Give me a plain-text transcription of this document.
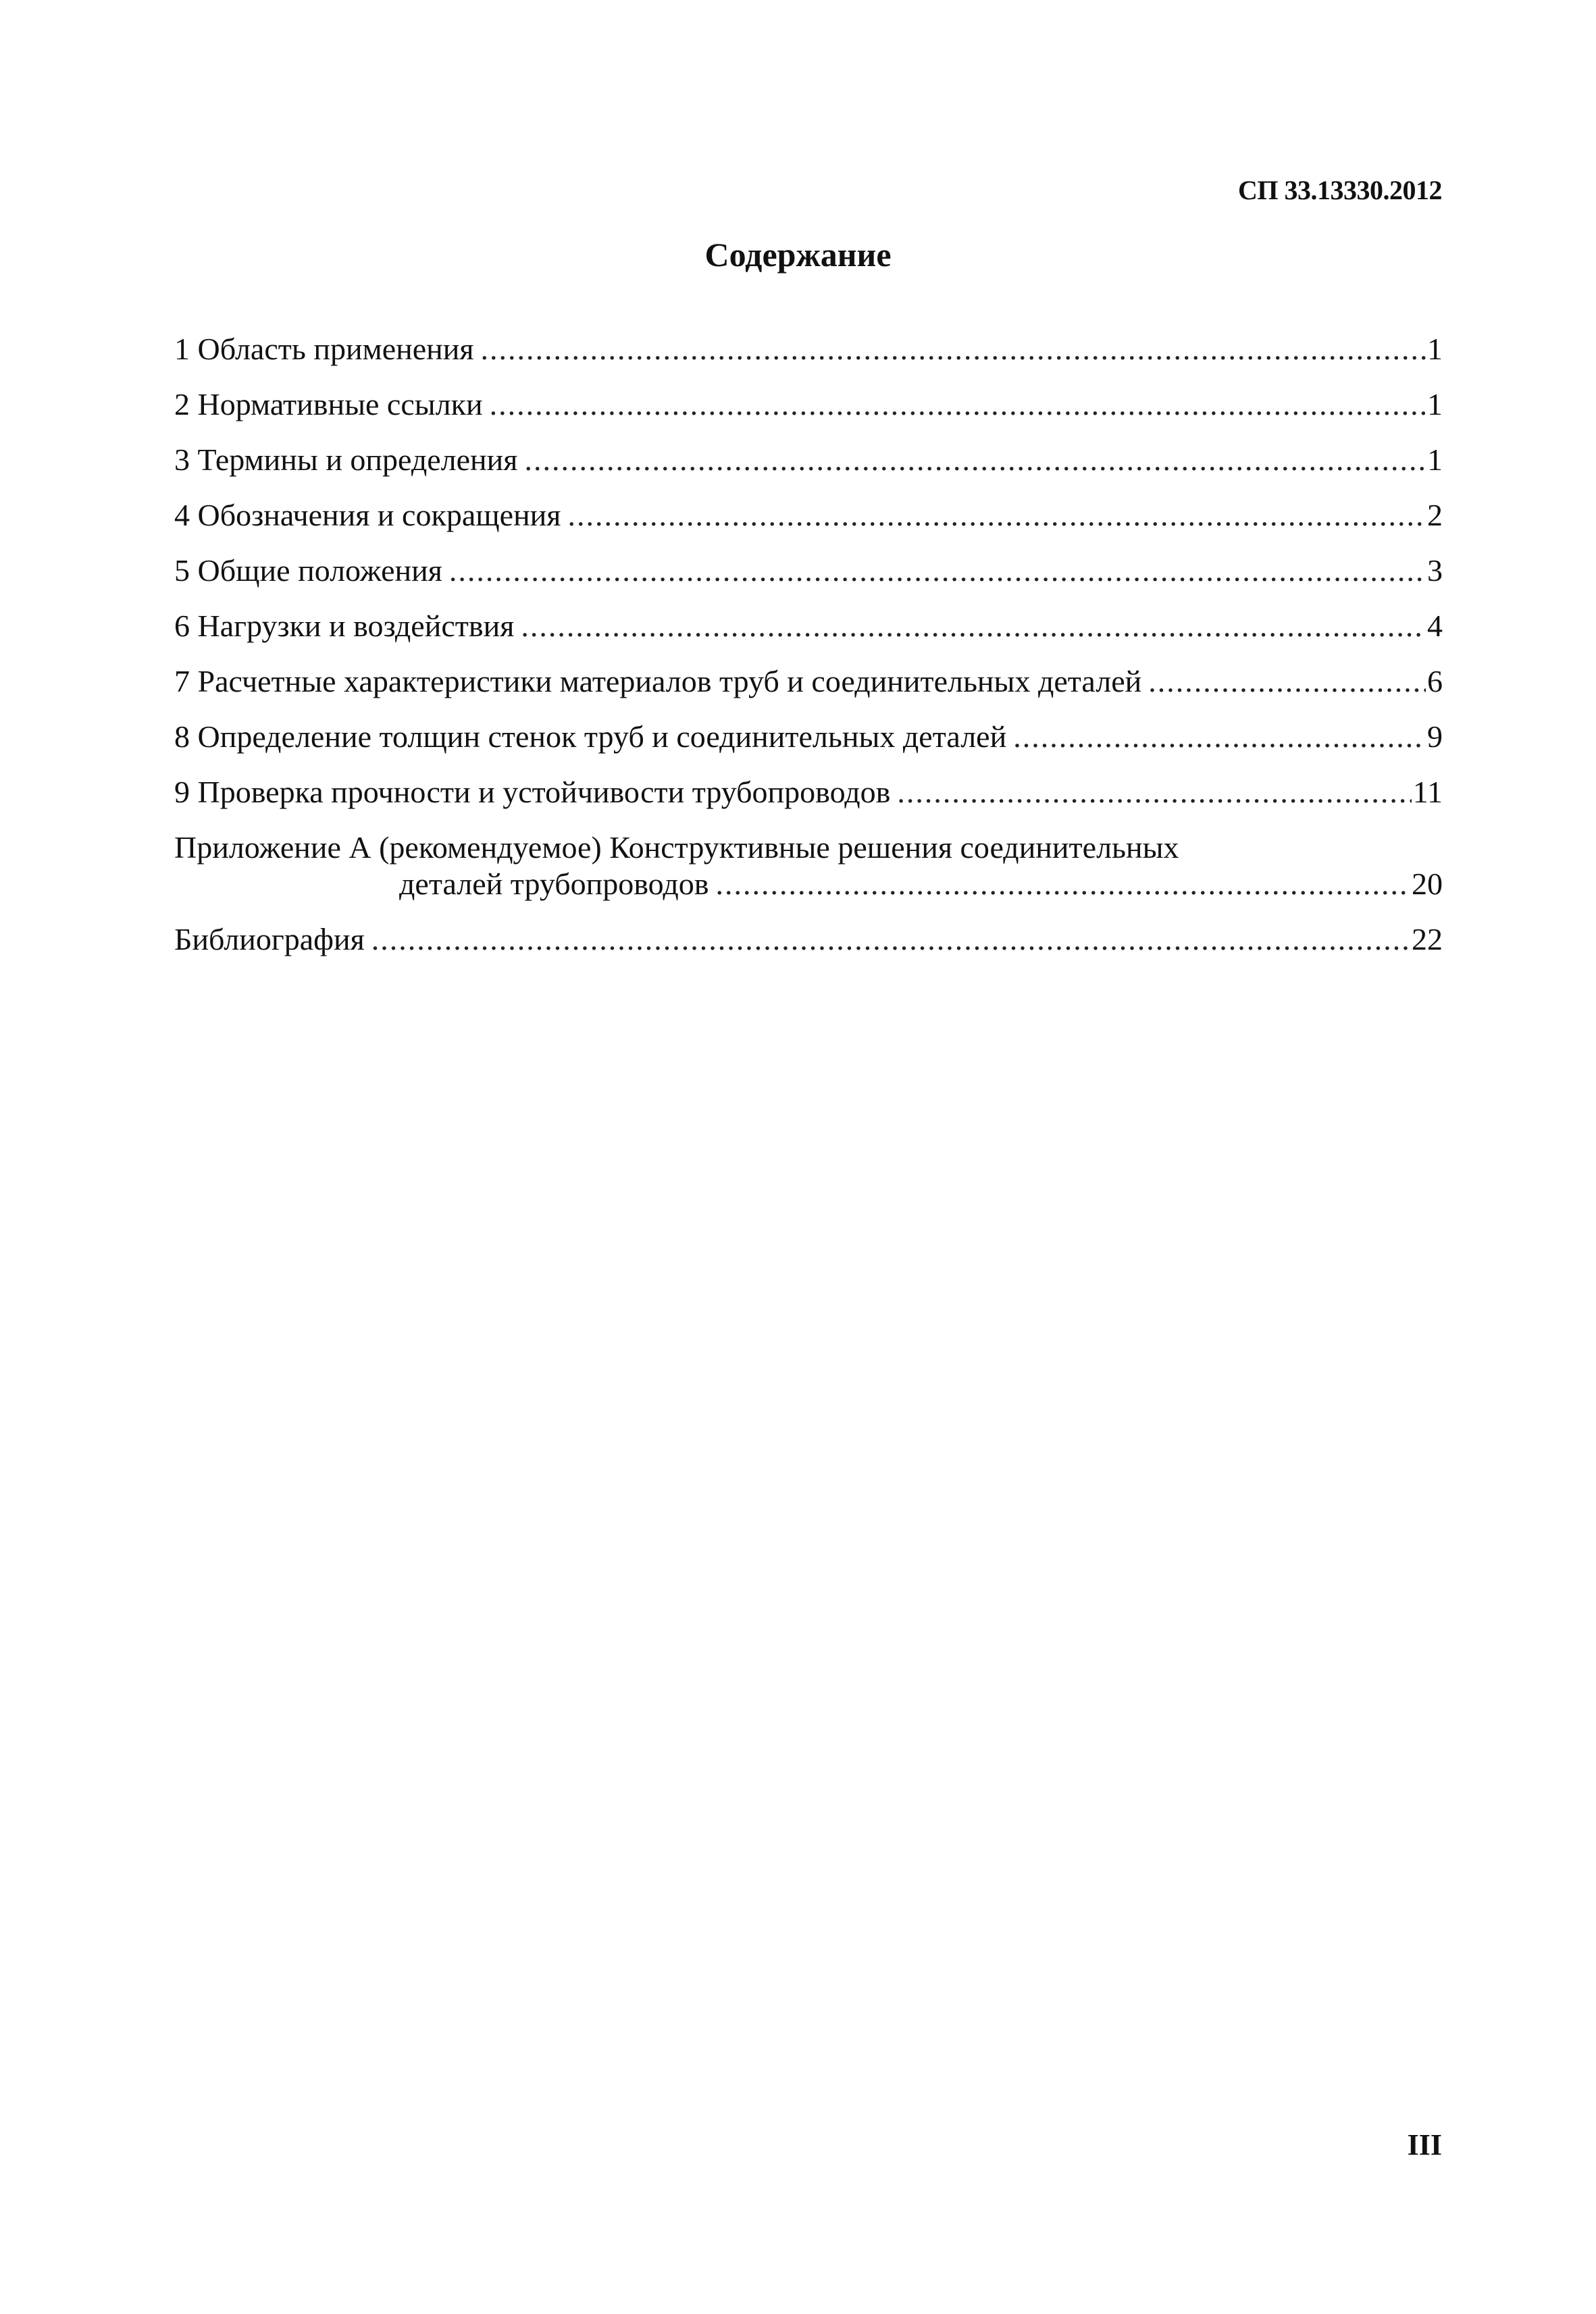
СП 33.13330.2012
Содержание
1 Область применения .....	1
2 Нормативные ссылки .....	1
3 Термины и определения .....	1
4 Обозначения и сокращения .....	2
5 Общие положения .....	3
6 Нагрузки и воздействия .....	4
7 Расчетные характеристики материалов труб и соединительных деталей .....	6
8 Определение толщин стенок труб и соединительных деталей .....	9
9 Проверка прочности и устойчивости трубопроводов .....	11
Приложение А (рекомендуемое) Конструктивные решения соединительных
деталей трубопроводов .....	20
Библиография .....	22
III
